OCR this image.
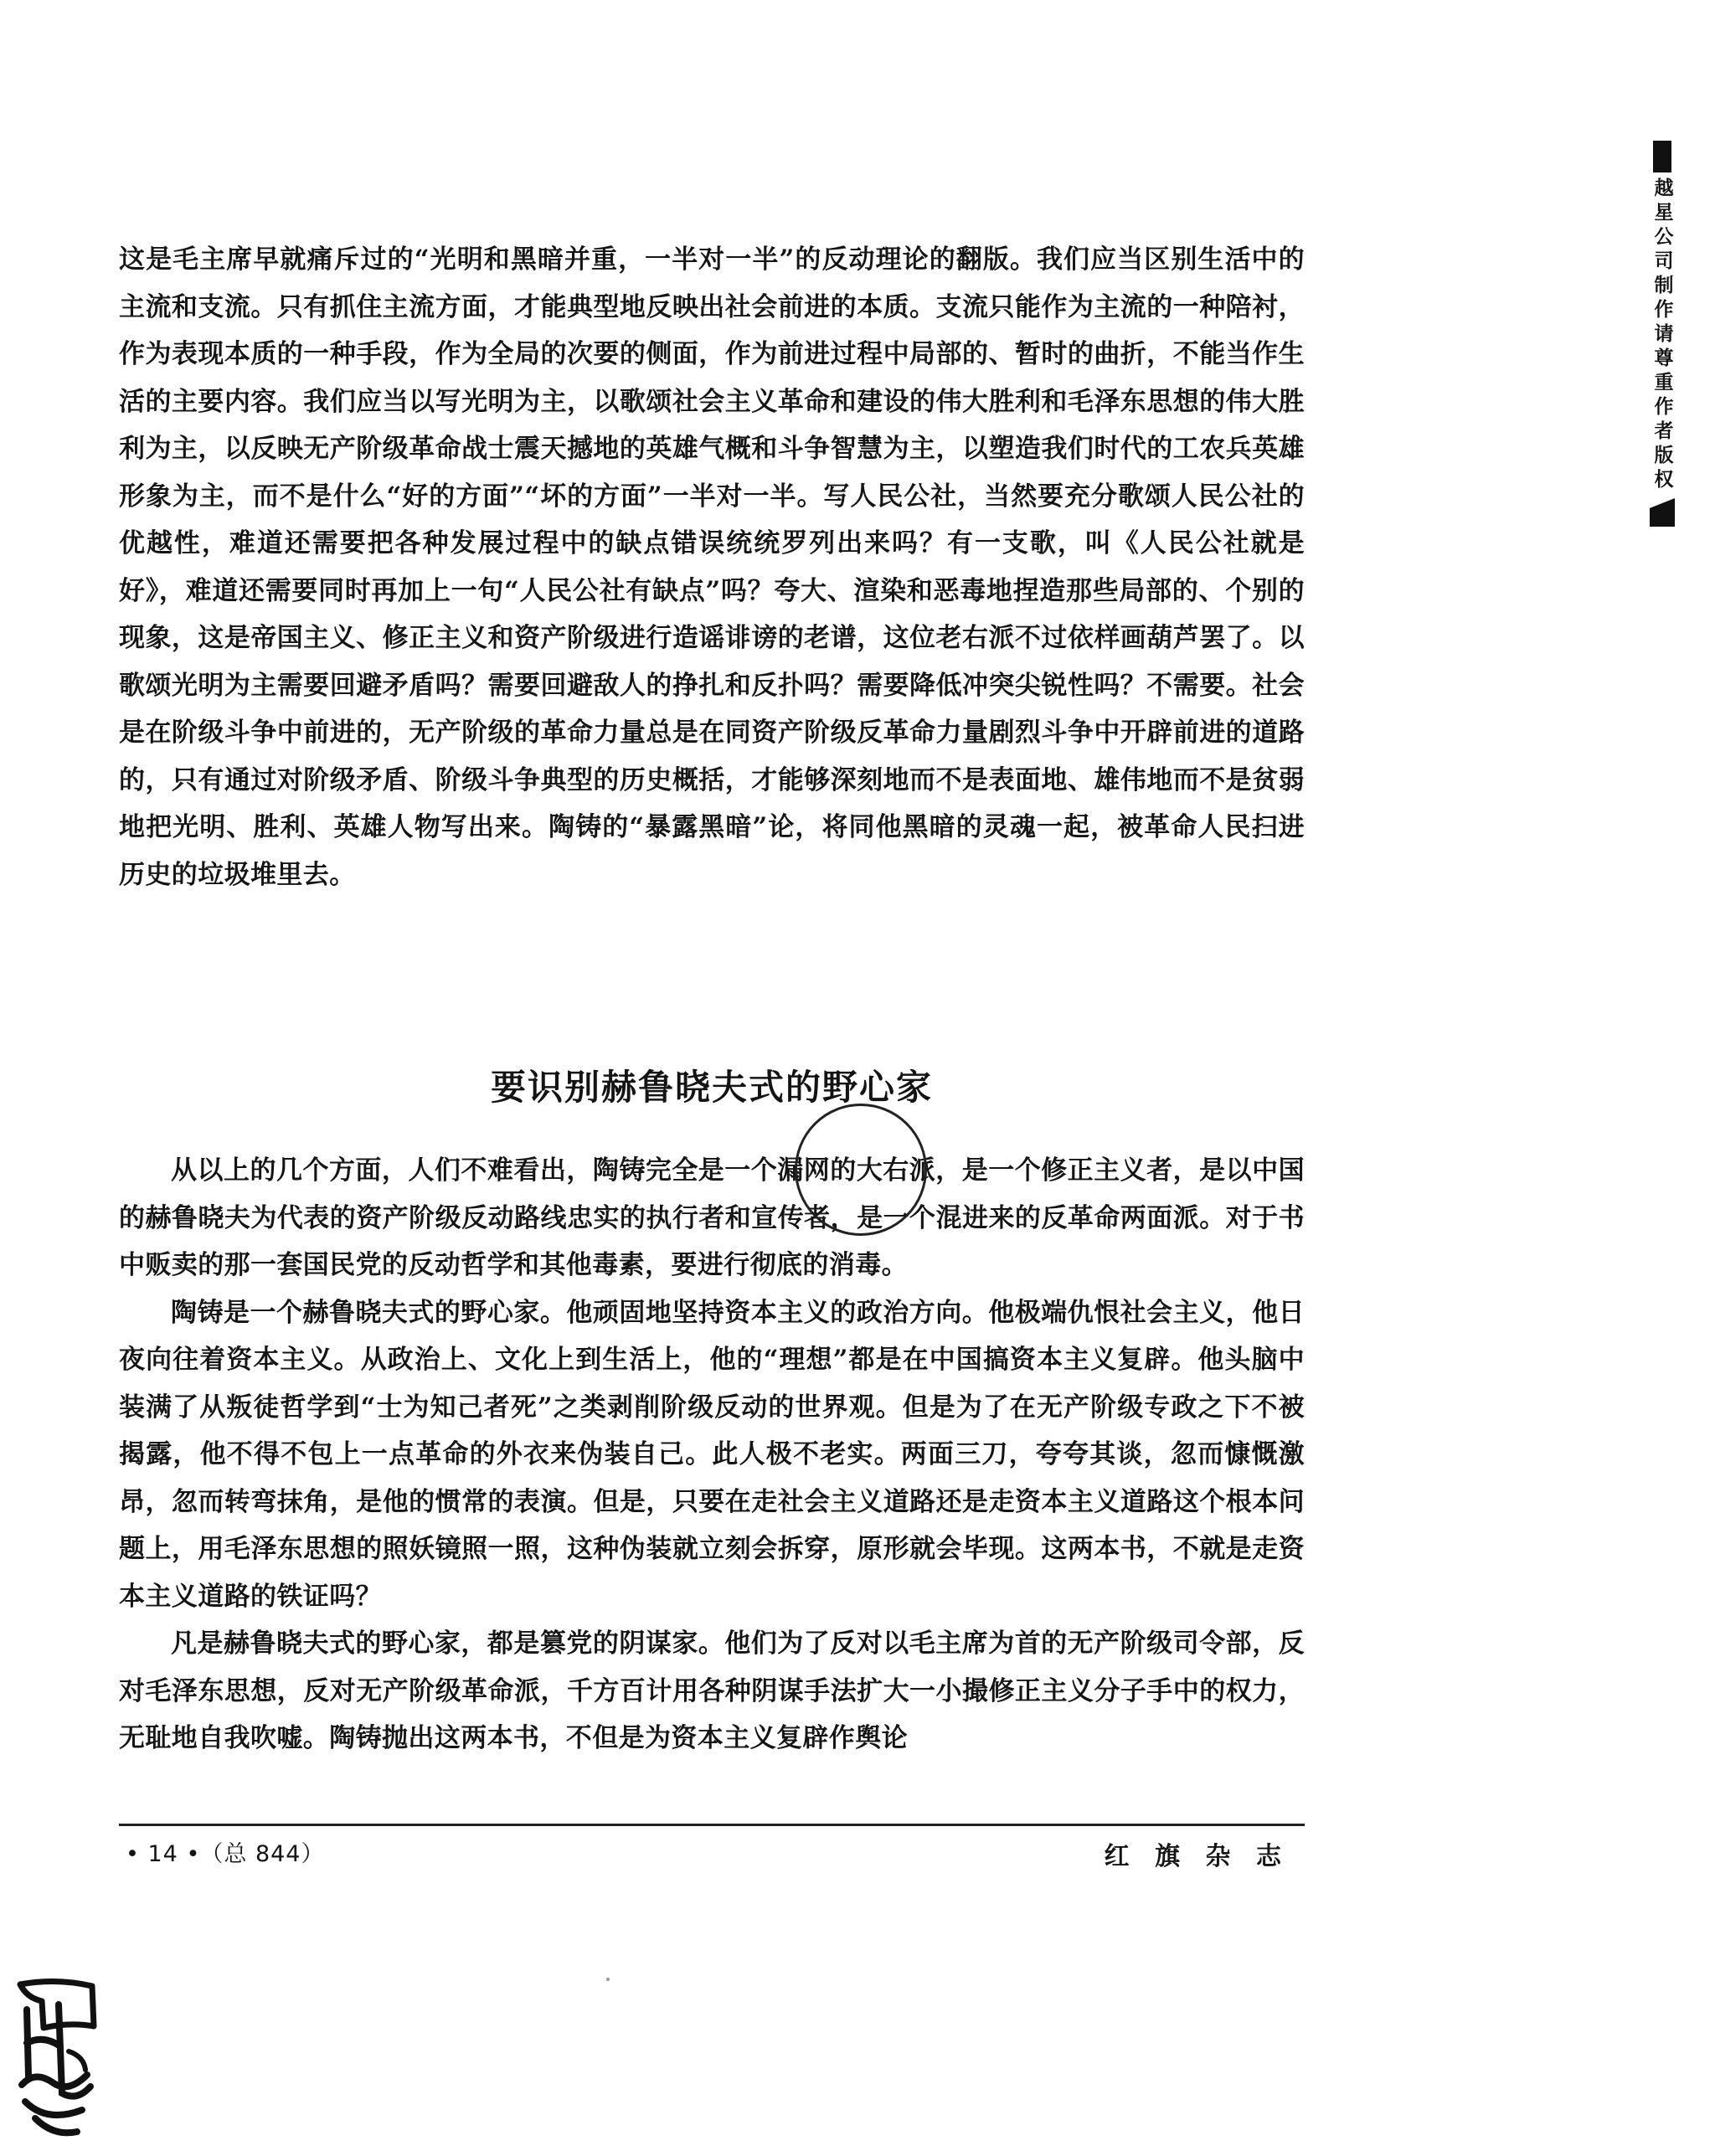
越星公司制作请尊重作者版权

这是毛主席早就痛斥过的“光明和黑暗并重，一半对一半”的反动理论的翻版。我们应当区别生活中的主流和支流。只有抓住主流方面，才能典型地反映出社会前进的本质。支流只能作为主流的一种陪衬，作为表现本质的一种手段，作为全局的次要的侧面，作为前进过程中局部的、暂时的曲折，不能当作生活的主要内容。我们应当以写光明为主，以歌颂社会主义革命和建设的伟大胜利和毛泽东思想的伟大胜利为主，以反映无产阶级革命战士震天撼地的英雄气概和斗争智慧为主，以塑造我们时代的工农兵英雄形象为主，而不是什么“好的方面”“坏的方面”一半对一半。写人民公社，当然要充分歌颂人民公社的优越性，难道还需要把各种发展过程中的缺点错误统统罗列出来吗？有一支歌，叫《人民公社就是好》，难道还需要同时再加上一句“人民公社有缺点”吗？夸大、渲染和恶毒地捏造那些局部的、个别的现象，这是帝国主义、修正主义和资产阶级进行造谣诽谤的老谱，这位老右派不过依样画葫芦罢了。以歌颂光明为主需要回避矛盾吗？需要回避敌人的挣扎和反扑吗？需要降低冲突尖锐性吗？不需要。社会是在阶级斗争中前进的，无产阶级的革命力量总是在同资产阶级反革命力量剧烈斗争中开辟前进的道路的，只有通过对阶级矛盾、阶级斗争典型的历史概括，才能够深刻地而不是表面地、雄伟地而不是贫弱地把光明、胜利、英雄人物写出来。陶铸的“暴露黑暗”论，将同他黑暗的灵魂一起，被革命人民扫进历史的垃圾堆里去。

要识别赫鲁晓夫式的野心家

从以上的几个方面，人们不难看出，陶铸完全是一个漏网的大右派，是一个修正主义者，是以中国的赫鲁晓夫为代表的资产阶级反动路线忠实的执行者和宣传者，是一个混进来的反革命两面派。对于书中贩卖的那一套国民党的反动哲学和其他毒素，要进行彻底的消毒。

陶铸是一个赫鲁晓夫式的野心家。他顽固地坚持资本主义的政治方向。他极端仇恨社会主义，他日夜向往着资本主义。从政治上、文化上到生活上，他的“理想”都是在中国搞资本主义复辟。他头脑中装满了从叛徒哲学到“士为知己者死”之类剥削阶级反动的世界观。但是为了在无产阶级专政之下不被揭露，他不得不包上一点革命的外衣来伪装自己。此人极不老实。两面三刀，夸夸其谈，忽而慷慨激昂，忽而转弯抹角，是他的惯常的表演。但是，只要在走社会主义道路还是走资本主义道路这个根本问题上，用毛泽东思想的照妖镜照一照，这种伪装就立刻会拆穿，原形就会毕现。这两本书，不就是走资本主义道路的铁证吗？

凡是赫鲁晓夫式的野心家，都是篡党的阴谋家。他们为了反对以毛主席为首的无产阶级司令部，反对毛泽东思想，反对无产阶级革命派，千方百计用各种阴谋手法扩大一小撮修正主义分子手中的权力，无耻地自我吹嘘。陶铸抛出这两本书，不但是为资本主义复辟作舆论

• 14 •（总 844）	红 旗 杂 志
